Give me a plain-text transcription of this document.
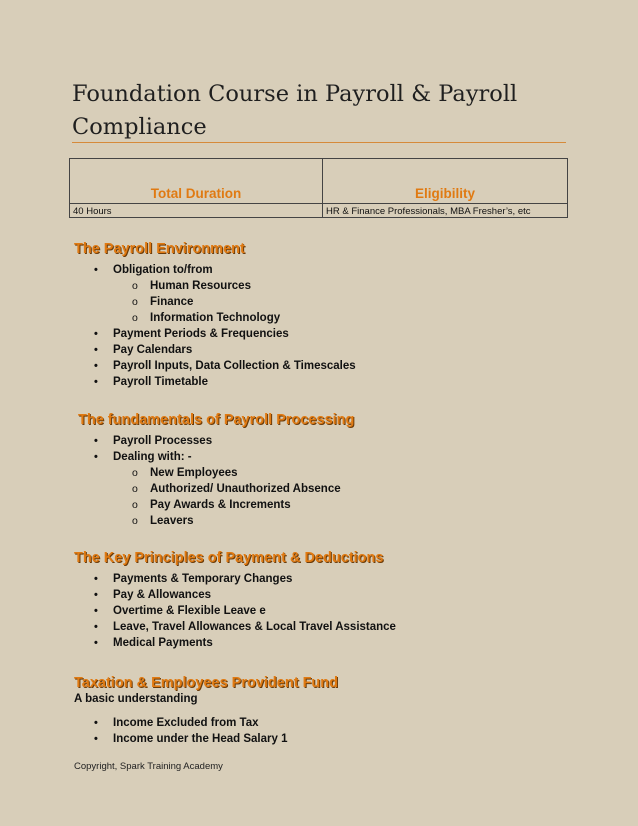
Foundation Course in Payroll & Payroll Compliance
Total Duration	Eligibility
40 Hours	HR & Finance Professionals, MBA Fresher’s, etc
The Payroll Environment
• Obligation to/from
o Human Resources
o Finance
o Information Technology
• Payment Periods & Frequencies
• Pay Calendars
• Payroll Inputs, Data Collection & Timescales
• Payroll Timetable
The fundamentals of Payroll Processing
• Payroll Processes
• Dealing with: -
o New Employees
o Authorized/ Unauthorized Absence
o Pay Awards & Increments
o Leavers
The Key Principles of Payment & Deductions
• Payments & Temporary Changes
• Pay & Allowances
• Overtime & Flexible Leave e
• Leave, Travel Allowances & Local Travel Assistance
• Medical Payments
Taxation & Employees Provident Fund

A basic understanding

• Income Excluded from Tax
• Income under the Head Salary 1
Copyright, Spark Training Academy
